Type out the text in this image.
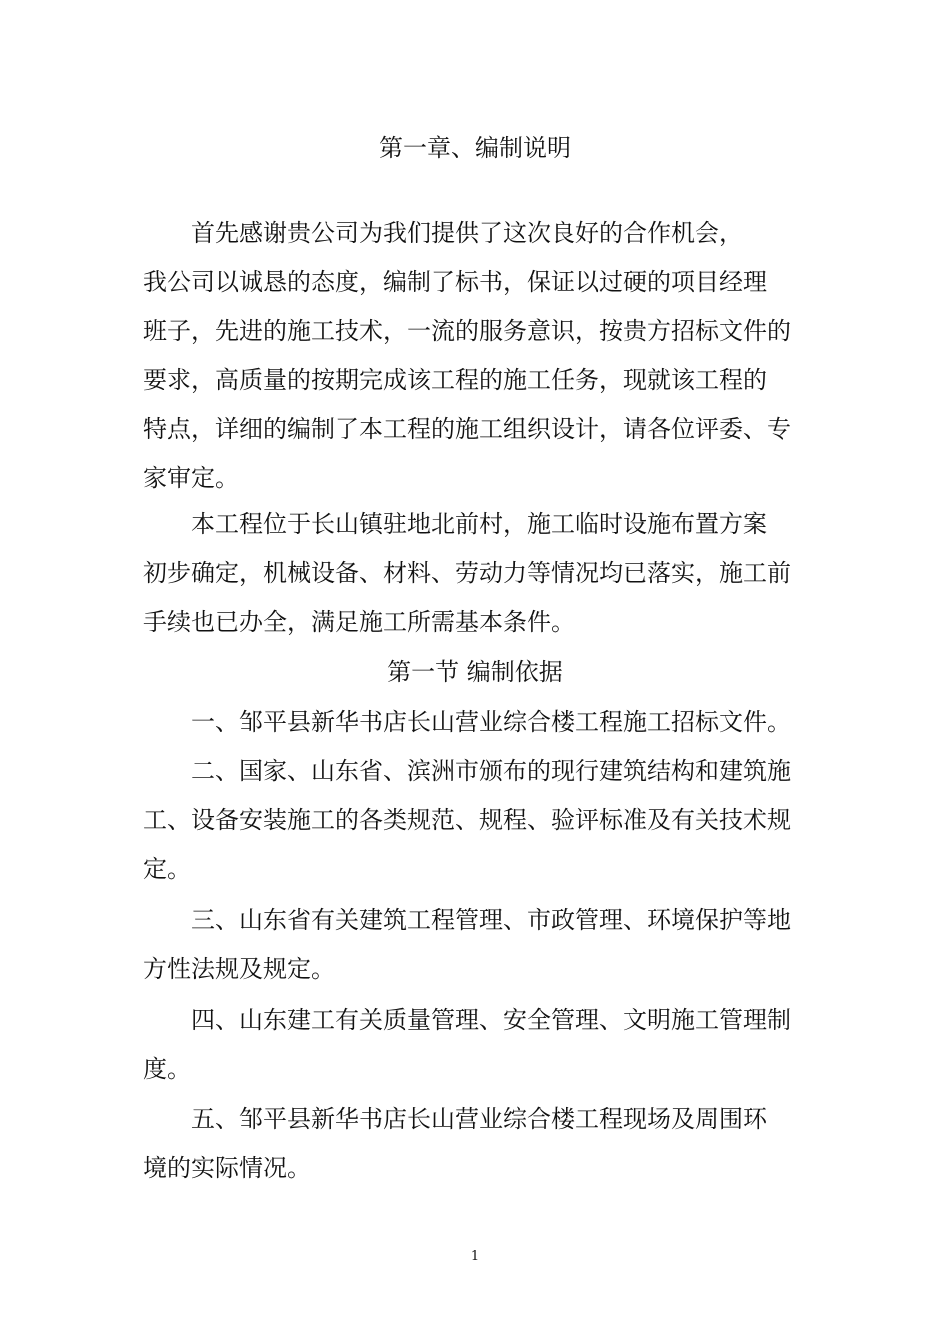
第一章、编制说明
　　首先感谢贵公司为我们提供了这次良好的合作机会，
我公司以诚恳的态度，编制了标书，保证以过硬的项目经理
班子，先进的施工技术，一流的服务意识，按贵方招标文件的
要求，高质量的按期完成该工程的施工任务，现就该工程的
特点，详细的编制了本工程的施工组织设计，请各位评委、专
家审定。
　　本工程位于长山镇驻地北前村，施工临时设施布置方案
初步确定，机械设备、材料、劳动力等情况均已落实，施工前
手续也已办全，满足施工所需基本条件。
第一节 编制依据
　　一、邹平县新华书店长山营业综合楼工程施工招标文件。
　　二、国家、山东省、滨洲市颁布的现行建筑结构和建筑施
工、设备安装施工的各类规范、规程、验评标准及有关技术规
定。
　　三、山东省有关建筑工程管理、市政管理、环境保护等地
方性法规及规定。
　　四、山东建工有关质量管理、安全管理、文明施工管理制
度。
　　五、邹平县新华书店长山营业综合楼工程现场及周围环
境的实际情况。
1
